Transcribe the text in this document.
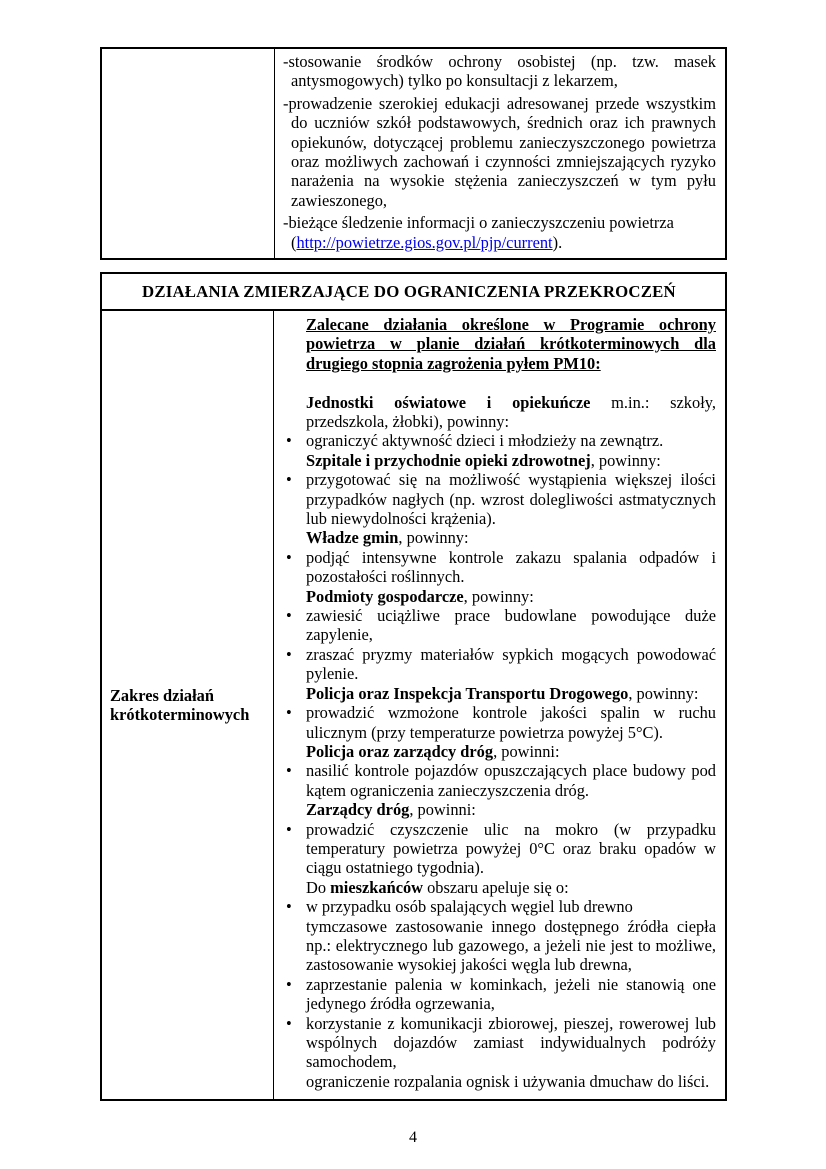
-stosowanie środków ochrony osobistej (np. tzw. masek antysmogowych) tylko po konsultacji z lekarzem,
-prowadzenie szerokiej edukacji adresowanej przede wszystkim do uczniów szkół podstawowych, średnich oraz ich prawnych opiekunów, dotyczącej problemu zanieczyszczonego powietrza oraz możliwych zachowań i czynności zmniejszających ryzyko narażenia na wysokie stężenia zanieczyszczeń w tym pyłu zawieszonego,
-bieżące śledzenie informacji o zanieczyszczeniu powietrza
(http://powietrze.gios.gov.pl/pjp/current).
DZIAŁANIA ZMIERZAJĄCE DO OGRANICZENIA PRZEKROCZEŃ
Zakres działań krótkoterminowych
Zalecane działania określone w Programie ochrony powietrza w planie działań krótkoterminowych dla drugiego stopnia zagrożenia pyłem PM10:
Jednostki oświatowe i opiekuńcze m.in.: szkoły, przedszkola, żłobki), powinny:
• ograniczyć aktywność dzieci i młodzieży na zewnątrz.
Szpitale i przychodnie opieki zdrowotnej, powinny:
• przygotować się na możliwość wystąpienia większej ilości przypadków nagłych (np. wzrost dolegliwości astmatycznych lub niewydolności krążenia).
Władze gmin, powinny:
• podjąć intensywne kontrole zakazu spalania odpadów i pozostałości roślinnych.
Podmioty gospodarcze, powinny:
• zawiesić uciążliwe prace budowlane powodujące duże zapylenie,
• zraszać pryzmy materiałów sypkich mogących powodować pylenie.
Policja oraz Inspekcja Transportu Drogowego, powinny:
• prowadzić wzmożone kontrole jakości spalin w ruchu ulicznym (przy temperaturze powietrza powyżej 5°C).
Policja oraz zarządcy dróg, powinni:
• nasilić kontrole pojazdów opuszczających place budowy pod kątem ograniczenia zanieczyszczenia dróg.
Zarządcy dróg, powinni:
• prowadzić czyszczenie ulic na mokro (w przypadku temperatury powietrza powyżej 0°C oraz braku opadów w ciągu ostatniego tygodnia).
Do mieszkańców obszaru apeluje się o:
• w przypadku osób spalających węgiel lub drewno
tymczasowe zastosowanie innego dostępnego źródła ciepła np.: elektrycznego lub gazowego, a jeżeli nie jest to możliwe, zastosowanie wysokiej jakości węgla lub drewna,
• zaprzestanie palenia w kominkach, jeżeli nie stanowią one jedynego źródła ogrzewania,
• korzystanie z komunikacji zbiorowej, pieszej, rowerowej lub wspólnych dojazdów zamiast indywidualnych podróży samochodem,
ograniczenie rozpalania ognisk i używania dmuchaw do liści.
4
